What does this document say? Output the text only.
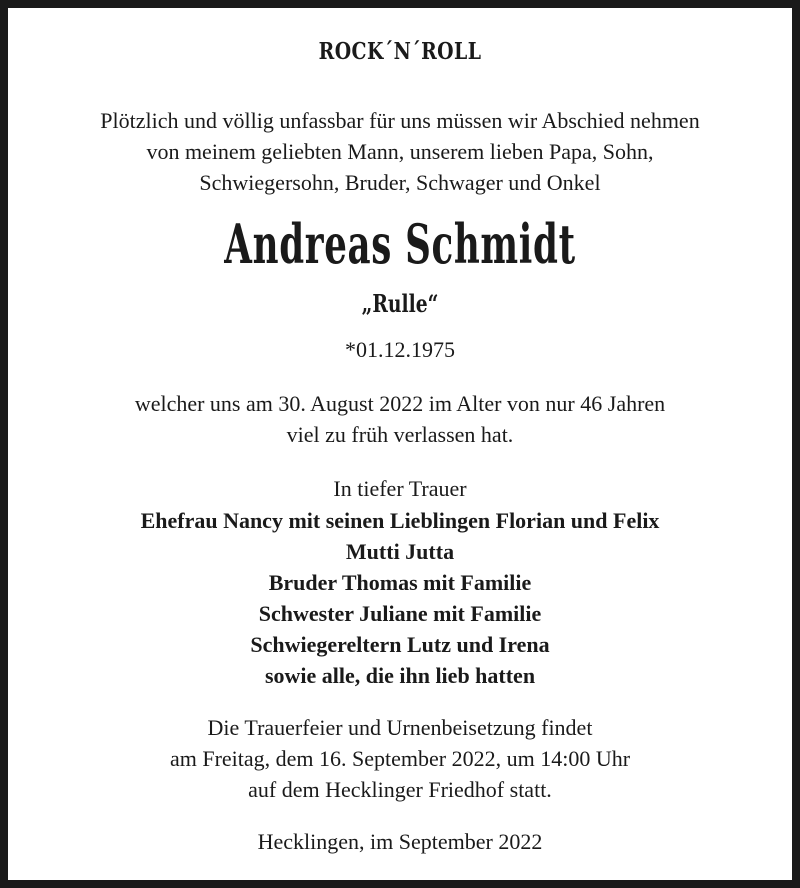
ROCK´N´ROLL
Plötzlich und völlig unfassbar für uns müssen wir Abschied nehmen
von meinem geliebten Mann, unserem lieben Papa, Sohn,
Schwiegersohn, Bruder, Schwager und Onkel
Andreas Schmidt
„Rulle“
*01.12.1975
welcher uns am 30. August 2022 im Alter von nur 46 Jahren
viel zu früh verlassen hat.
In tiefer Trauer
Ehefrau Nancy mit seinen Lieblingen Florian und Felix
Mutti Jutta
Bruder Thomas mit Familie
Schwester Juliane mit Familie
Schwiegereltern Lutz und Irena
sowie alle, die ihn lieb hatten
Die Trauerfeier und Urnenbeisetzung findet
am Freitag, dem 16. September 2022, um 14:00 Uhr
auf dem Hecklinger Friedhof statt.
Hecklingen, im September 2022
